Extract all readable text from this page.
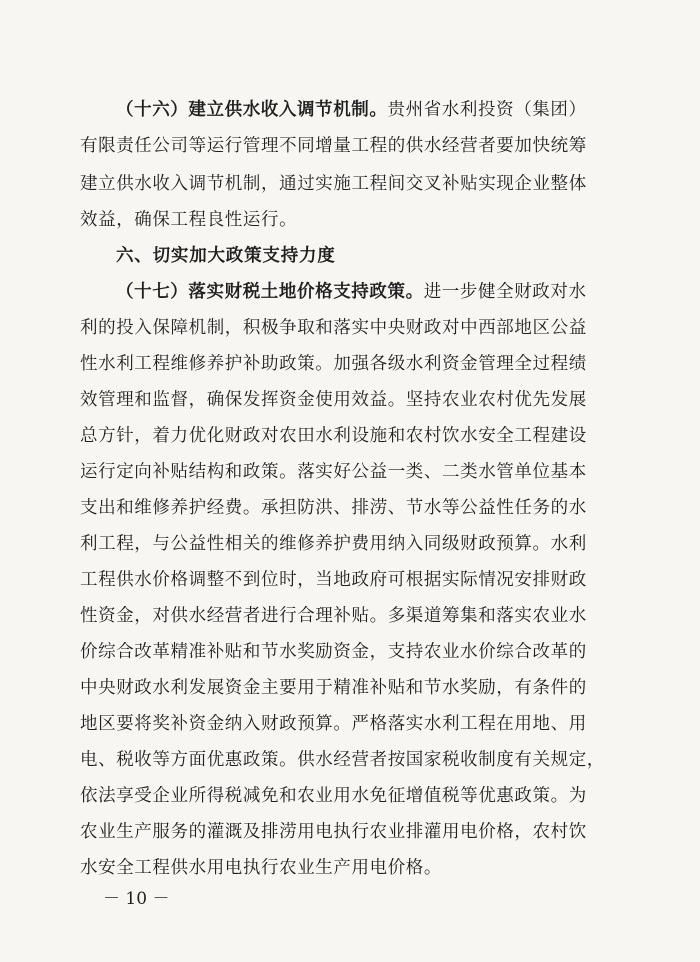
（十六）建立供水收入调节机制。贵州省水利投资（集团）
有限责任公司等运行管理不同增量工程的供水经营者要加快统筹
建立供水收入调节机制，通过实施工程间交叉补贴实现企业整体
效益，确保工程良性运行。
六、切实加大政策支持力度
（十七）落实财税土地价格支持政策。进一步健全财政对水
利的投入保障机制，积极争取和落实中央财政对中西部地区公益
性水利工程维修养护补助政策。加强各级水利资金管理全过程绩
效管理和监督，确保发挥资金使用效益。坚持农业农村优先发展
总方针，着力优化财政对农田水利设施和农村饮水安全工程建设
运行定向补贴结构和政策。落实好公益一类、二类水管单位基本
支出和维修养护经费。承担防洪、排涝、节水等公益性任务的水
利工程，与公益性相关的维修养护费用纳入同级财政预算。水利
工程供水价格调整不到位时，当地政府可根据实际情况安排财政
性资金，对供水经营者进行合理补贴。多渠道筹集和落实农业水
价综合改革精准补贴和节水奖励资金，支持农业水价综合改革的
中央财政水利发展资金主要用于精准补贴和节水奖励，有条件的
地区要将奖补资金纳入财政预算。严格落实水利工程在用地、用
电、税收等方面优惠政策。供水经营者按国家税收制度有关规定，
依法享受企业所得税减免和农业用水免征增值税等优惠政策。为
农业生产服务的灌溉及排涝用电执行农业排灌用电价格，农村饮
水安全工程供水用电执行农业生产用电价格。
－ 10 －
